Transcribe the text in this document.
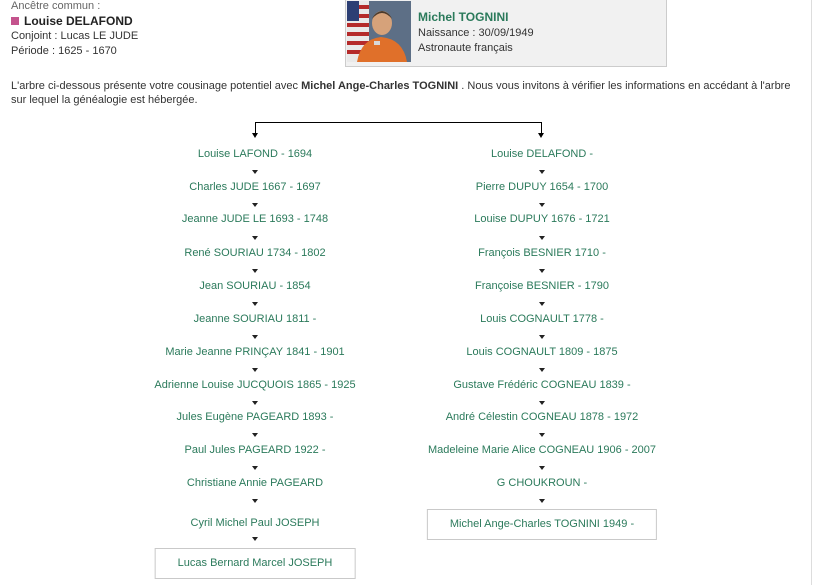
Ancêtre commun :
Louise DELAFOND
Conjoint : Lucas LE JUDE
Période : 1625 - 1670
Michel TOGNINI
Naissance : 30/09/1949
Astronaute français
L'arbre ci-dessous présente votre cousinage potentiel avec Michel Ange-Charles TOGNINI . Nous vous invitons à vérifier les informations en accédant à l'arbre sur lequel la généalogie est hébergée.
Louise LAFOND - 1694
Charles JUDE 1667 - 1697
Jeanne JUDE LE 1693 - 1748
René SOURIAU 1734 - 1802
Jean SOURIAU - 1854
Jeanne SOURIAU 1811 -
Marie Jeanne PRINÇAY 1841 - 1901
Adrienne Louise JUCQUOIS 1865 - 1925
Jules Eugène PAGEARD 1893 -
Paul Jules PAGEARD 1922 -
Christiane Annie PAGEARD
Cyril Michel Paul JOSEPH
Lucas Bernard Marcel JOSEPH
Louise DELAFOND -
Pierre DUPUY 1654 - 1700
Louise DUPUY 1676 - 1721
François BESNIER 1710 -
Françoise BESNIER - 1790
Louis COGNAULT 1778 -
Louis COGNAULT 1809 - 1875
Gustave Frédéric COGNEAU 1839 -
André Célestin COGNEAU 1878 - 1972
Madeleine Marie Alice COGNEAU 1906 - 2007
G CHOUKROUN -
Michel Ange-Charles TOGNINI 1949 -
